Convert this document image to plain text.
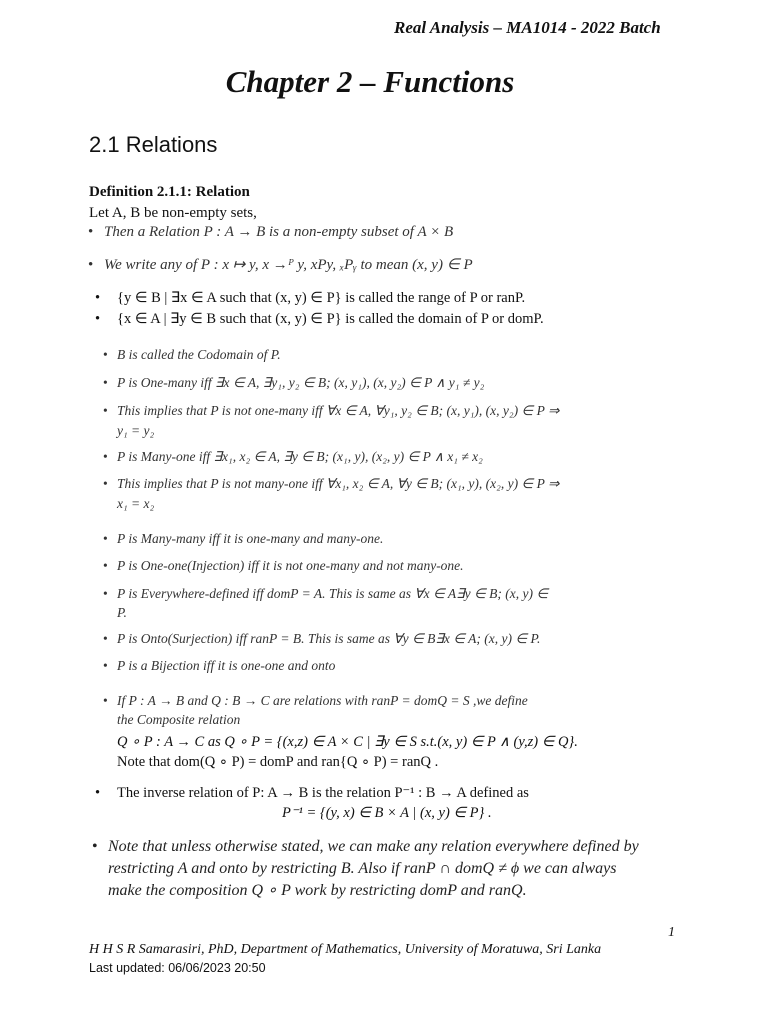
Real Analysis – MA1014 - 2022 Batch
Chapter 2 – Functions
2.1 Relations
Definition 2.1.1: Relation
Let A, B be non-empty sets,
• Then a Relation P : A → B is a non-empty subset of A × B
• We write any of P : x ↦ y, x →ᴾ y, xPy, ₓPᵧ to mean (x, y) ∈ P
• {y ∈ B | ∃x ∈ A such that (x, y) ∈ P} is called the range of P or ranP.
• {x ∈ A | ∃y ∈ B such that (x, y) ∈ P} is called the domain of P or domP.
• B is called the Codomain of P.
• P is One-many iff ∃x ∈ A, ∃y₁, y₂ ∈ B; (x, y₁), (x, y₂) ∈ P ∧ y₁ ≠ y₂
• This implies that P is not one-many iff ∀x ∈ A, ∀y₁, y₂ ∈ B; (x, y₁), (x, y₂) ∈ P ⇒
y₁ = y₂
• P is Many-one iff ∃x₁, x₂ ∈ A, ∃y ∈ B; (x₁, y), (x₂, y) ∈ P ∧ x₁ ≠ x₂
• This implies that P is not many-one iff ∀x₁, x₂ ∈ A, ∀y ∈ B; (x₁, y), (x₂, y) ∈ P ⇒
x₁ = x₂
• P is Many-many iff it is one-many and many-one.
• P is One-one(Injection) iff it is not one-many and not many-one.
• P is Everywhere-defined iff domP = A. This is same as ∀x ∈ A∃y ∈ B; (x, y) ∈
P.
• P is Onto(Surjection) iff ranP = B. This is same as ∀y ∈ B∃x ∈ A; (x, y) ∈ P.
• P is a Bijection iff it is one-one and onto
• If P : A → B and Q : B → C are relations with ranP = domQ = S ,we define
the Composite relation
Q ∘ P : A → C as Q ∘ P = {(x,z) ∈ A × C | ∃y ∈ S s.t.(x, y) ∈ P ∧ (y,z) ∈ Q}.
Note that dom(Q ∘ P) = domP and ran{Q ∘ P) = ranQ .
• The inverse relation of P: A → B is the relation P⁻¹ : B → A defined as
P⁻¹ = {(y, x) ∈ B × A | (x, y) ∈ P} .
• Note that unless otherwise stated, we can make any relation everywhere defined by
restricting A and onto by restricting B. Also if ranP ∩ domQ ≠ ϕ we can always
make the composition Q ∘ P work by restricting domP and ranQ.
1
H H S R Samarasiri, PhD, Department of Mathematics, University of Moratuwa, Sri Lanka
Last updated: 06/06/2023 20:50
